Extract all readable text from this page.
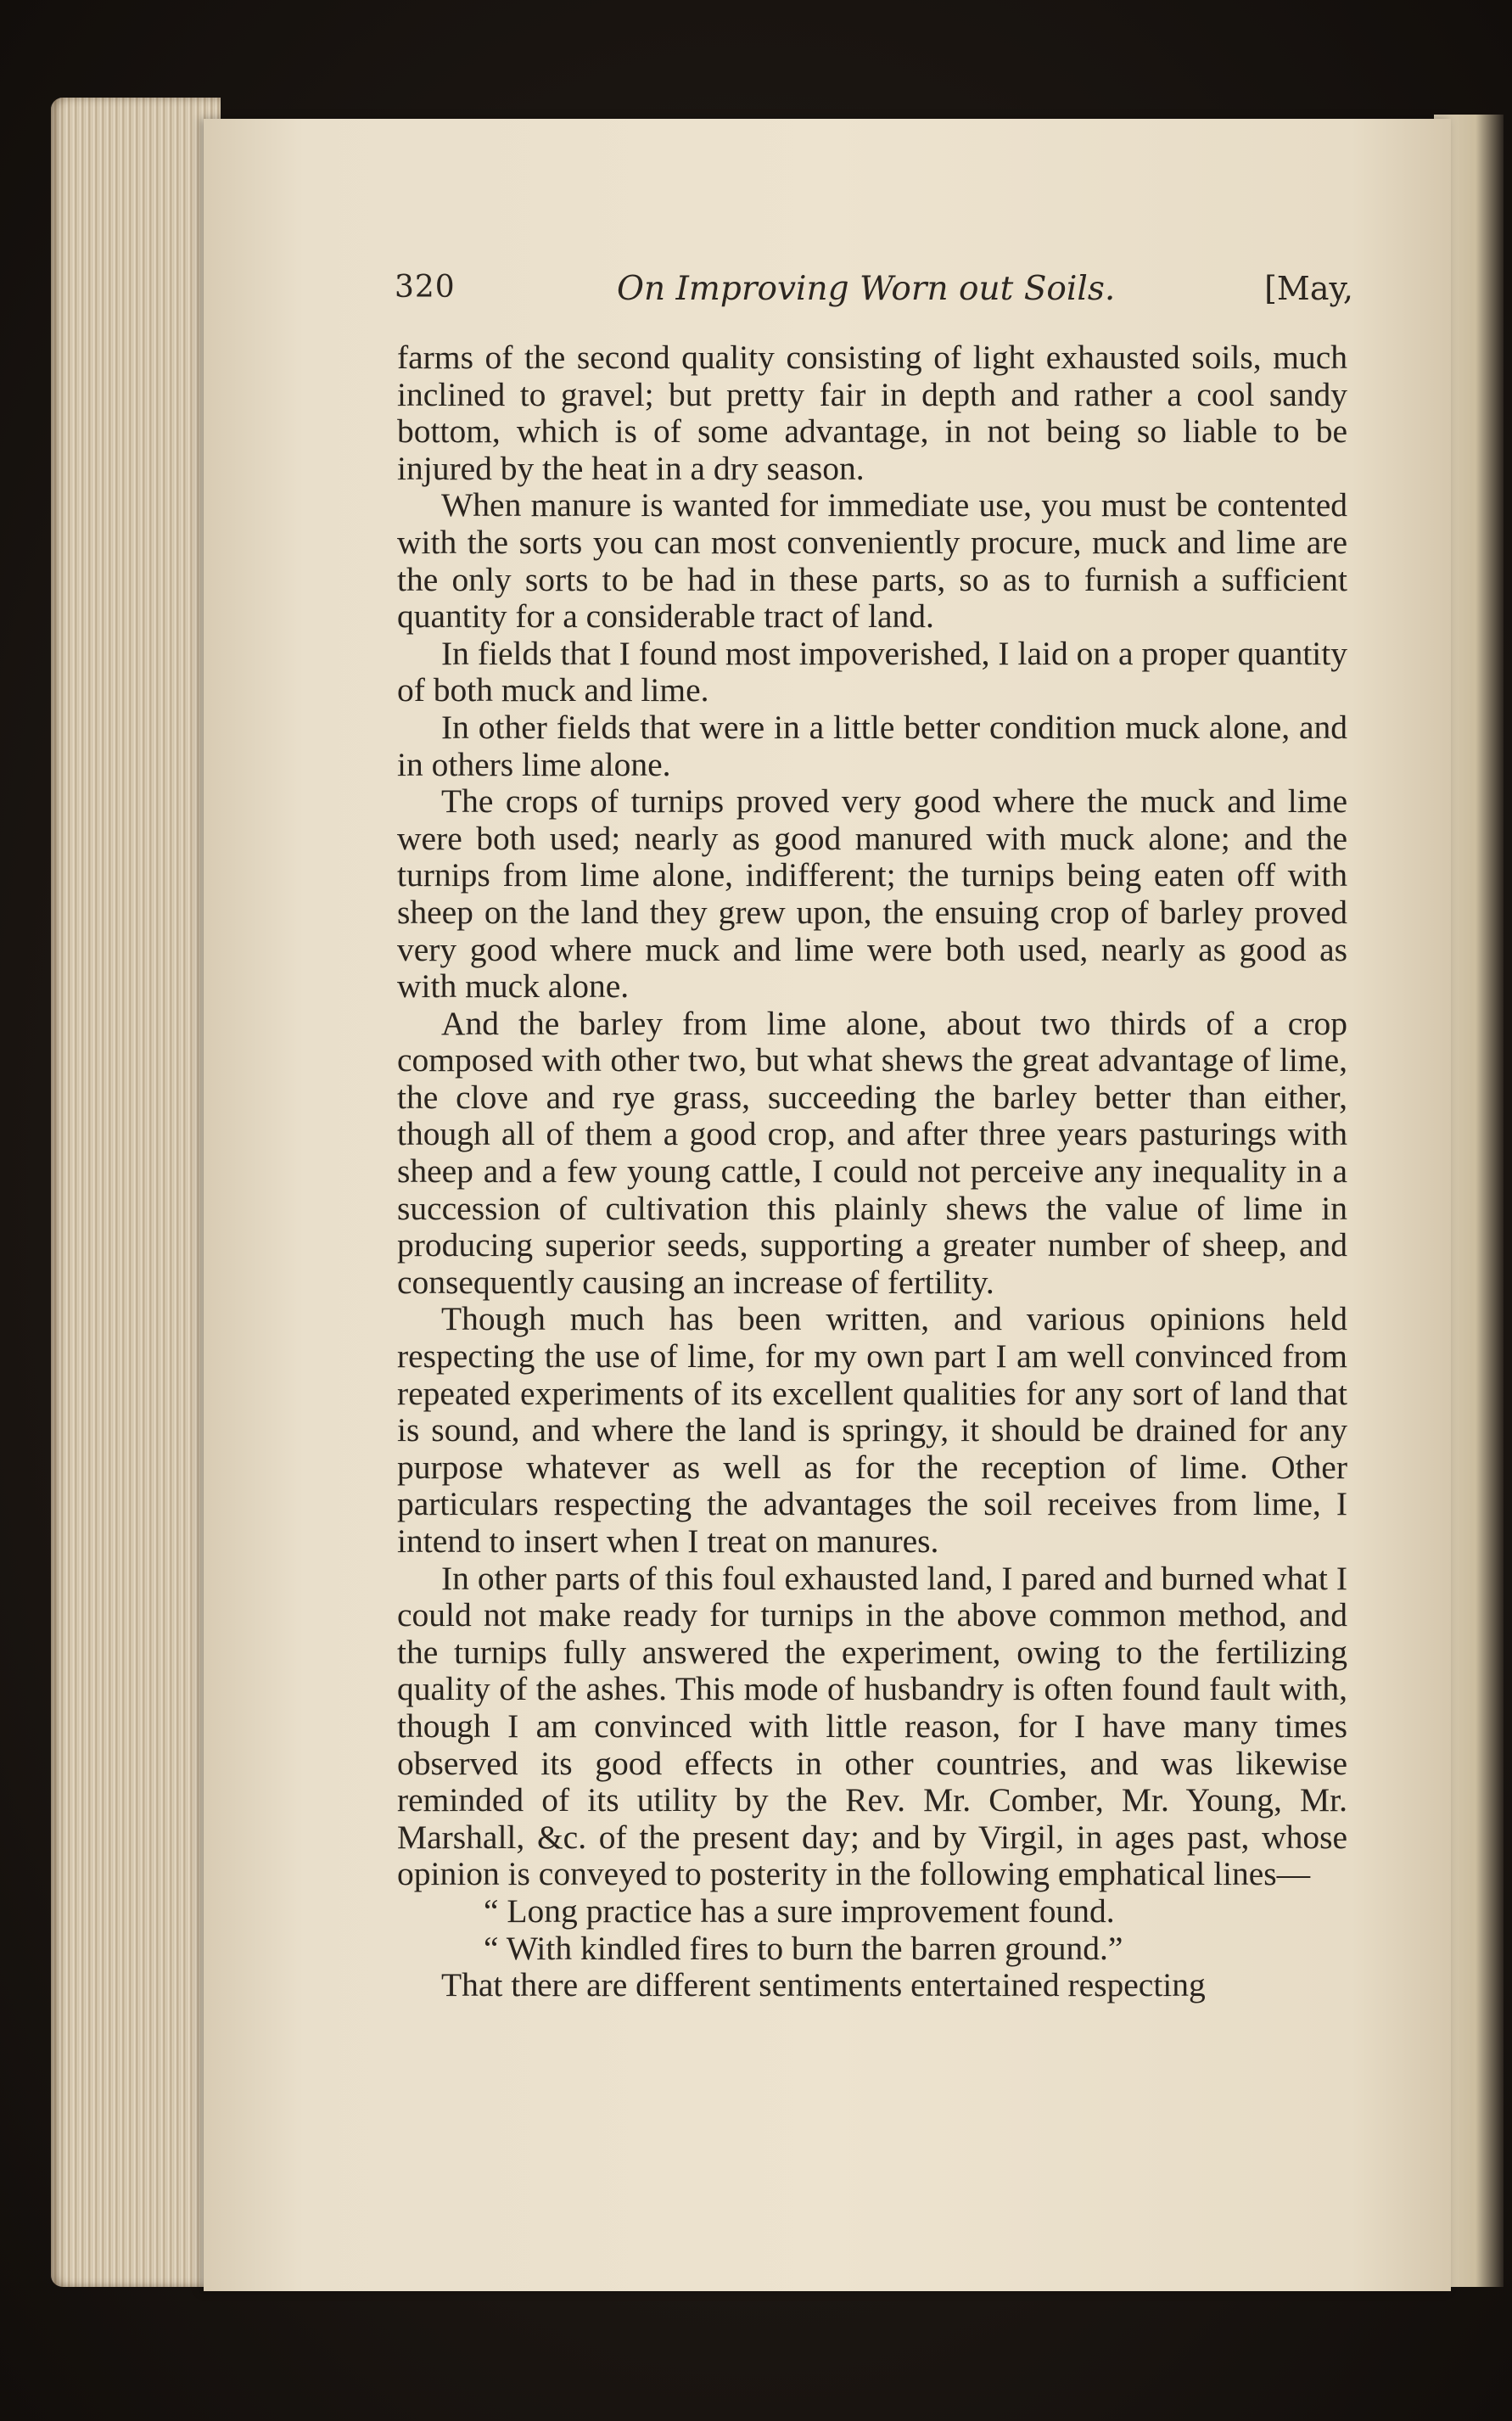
320	On Improving Worn out Soils.	[May,

farms of the second quality consisting of light exhausted soils, much inclined to gravel; but pretty fair in depth and rather a cool sandy bottom, which is of some advantage, in not being so liable to be injured by the heat in a dry season.

When manure is wanted for immediate use, you must be contented with the sorts you can most conveniently procure, muck and lime are the only sorts to be had in these parts, so as to furnish a sufficient quantity for a considerable tract of land.

In fields that I found most impoverished, I laid on a proper quantity of both muck and lime.

In other fields that were in a little better condition muck alone, and in others lime alone.

The crops of turnips proved very good where the muck and lime were both used; nearly as good manured with muck alone; and the turnips from lime alone, indifferent; the turnips being eaten off with sheep on the land they grew upon, the ensuing crop of barley proved very good where muck and lime were both used, nearly as good as with muck alone.

And the barley from lime alone, about two thirds of a crop composed with other two, but what shews the great advantage of lime, the clove and rye grass, succeeding the barley better than either, though all of them a good crop, and after three years pasturings with sheep and a few young cattle, I could not perceive any inequality in a succession of cultivation this plainly shews the value of lime in producing superior seeds, supporting a greater number of sheep, and consequently causing an increase of fertility.

Though much has been written, and various opinions held respecting the use of lime, for my own part I am well convinced from repeated experiments of its excellent qualities for any sort of land that is sound, and where the land is springy, it should be drained for any purpose whatever as well as for the reception of lime. Other particulars respecting the advantages the soil receives from lime, I intend to insert when I treat on manures.

In other parts of this foul exhausted land, I pared and burned what I could not make ready for turnips in the above common method, and the turnips fully answered the experiment, owing to the fertilizing quality of the ashes. This mode of husbandry is often found fault with, though I am convinced with little reason, for I have many times observed its good effects in other countries, and was likewise reminded of its utility by the Rev. Mr. Comber, Mr. Young, Mr. Marshall, &c. of the present day; and by Virgil, in ages past, whose opinion is conveyed to posterity in the following emphatical lines—

“ Long practice has a sure improvement found.

“ With kindled fires to burn the barren ground.”

That there are different sentiments entertained respecting
